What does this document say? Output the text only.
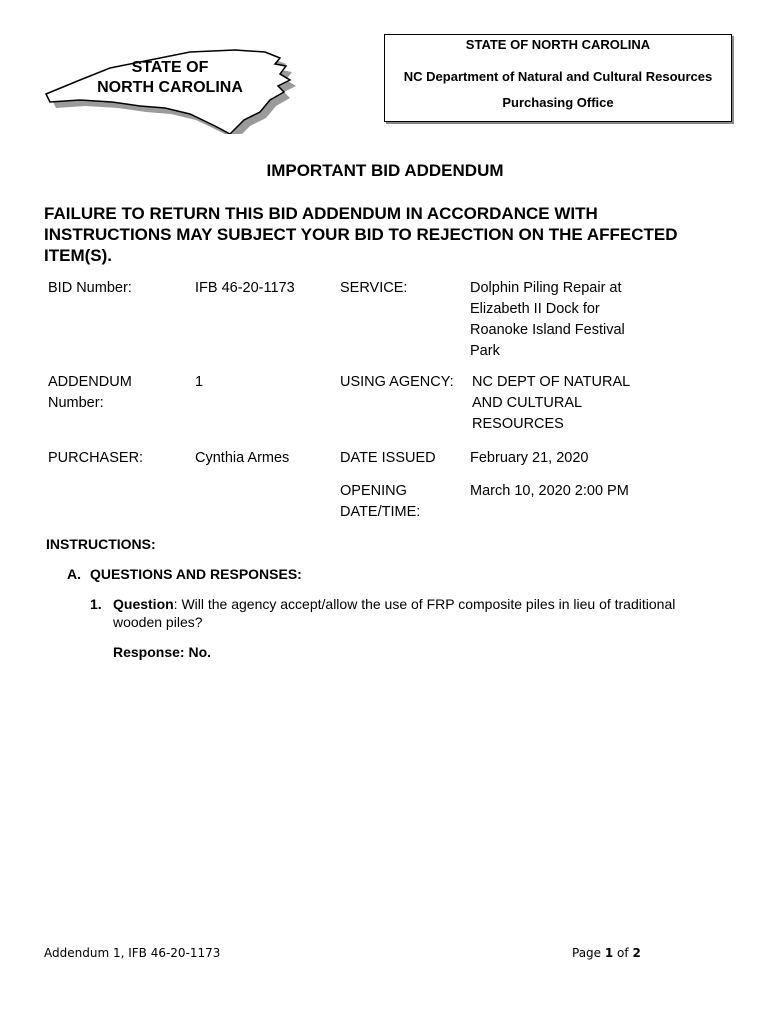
STATE OF
NORTH CAROLINA
STATE OF NORTH CAROLINA
NC Department of Natural and Cultural Resources
Purchasing Office
IMPORTANT BID ADDENDUM
FAILURE TO RETURN THIS BID ADDENDUM IN ACCORDANCE WITH
INSTRUCTIONS MAY SUBJECT YOUR BID TO REJECTION ON THE AFFECTED
ITEM(S).
BID Number:	IFB 46-20-1173	SERVICE:	Dolphin Piling Repair at
Elizabeth II Dock for
Roanoke Island Festival
Park
ADDENDUM
Number:
1	USING AGENCY: NC DEPT OF NATURAL
AND CULTURAL
RESOURCES
PURCHASER:	Cynthia Armes	DATE ISSUED February 21, 2020
OPENING
DATE/TIME:
March 10, 2020 2:00 PM
INSTRUCTIONS:
A. QUESTIONS AND RESPONSES:
1. Question: Will the agency accept/allow the use of FRP composite piles in lieu of traditional
wooden piles?
Response: No.
Addendum 1, IFB 46-20-1173	Page 1 of 2
